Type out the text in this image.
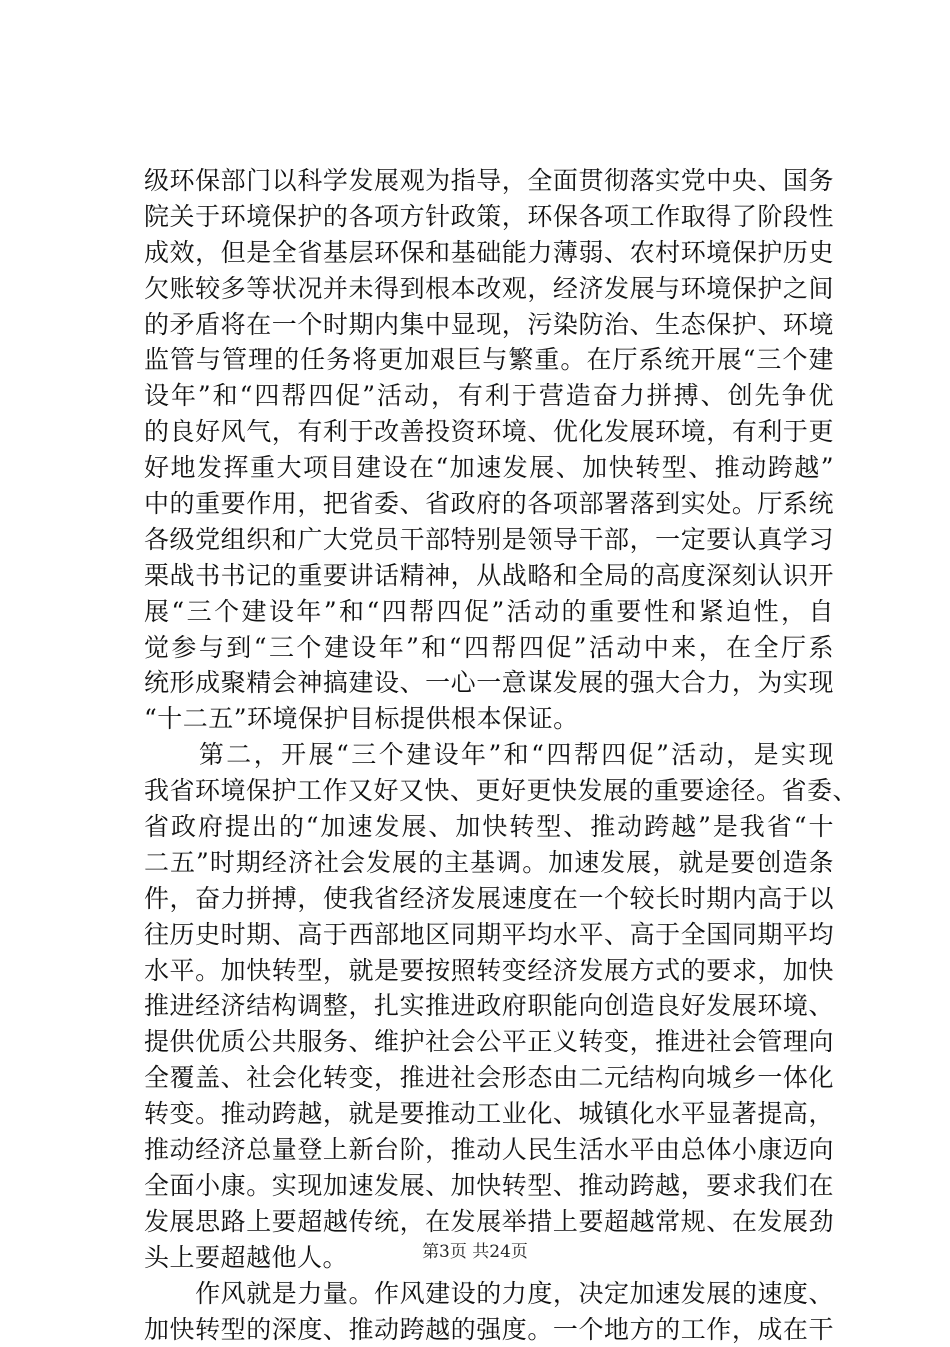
级环保部门以科学发展观为指导，全面贯彻落实党中央、国务
院关于环境保护的各项方针政策，环保各项工作取得了阶段性
成效，但是全省基层环保和基础能力薄弱、农村环境保护历史
欠账较多等状况并未得到根本改观，经济发展与环境保护之间
的矛盾将在一个时期内集中显现，污染防治、生态保护、环境
监管与管理的任务将更加艰巨与繁重。在厅系统开展“三个建
设年”和“四帮四促”活动，有利于营造奋力拼搏、创先争优
的良好风气，有利于改善投资环境、优化发展环境，有利于更
好地发挥重大项目建设在“加速发展、加快转型、推动跨越”
中的重要作用，把省委、省政府的各项部署落到实处。厅系统
各级党组织和广大党员干部特别是领导干部，一定要认真学习
栗战书书记的重要讲话精神，从战略和全局的高度深刻认识开
展“三个建设年”和“四帮四促”活动的重要性和紧迫性，自
觉参与到“三个建设年”和“四帮四促”活动中来，在全厅系
统形成聚精会神搞建设、一心一意谋发展的强大合力，为实现
“十二五”环境保护目标提供根本保证。
　　第二，开展“三个建设年”和“四帮四促”活动，是实现
我省环境保护工作又好又快、更好更快发展的重要途径。省委、
省政府提出的“加速发展、加快转型、推动跨越”是我省“十
二五”时期经济社会发展的主基调。加速发展，就是要创造条
件，奋力拼搏，使我省经济发展速度在一个较长时期内高于以
往历史时期、高于西部地区同期平均水平、高于全国同期平均
水平。加快转型，就是要按照转变经济发展方式的要求，加快
推进经济结构调整，扎实推进政府职能向创造良好发展环境、
提供优质公共服务、维护社会公平正义转变，推进社会管理向
全覆盖、社会化转变，推进社会形态由二元结构向城乡一体化
转变。推动跨越，就是要推动工业化、城镇化水平显著提高，
推动经济总量登上新台阶，推动人民生活水平由总体小康迈向
全面小康。实现加速发展、加快转型、推动跨越，要求我们在
发展思路上要超越传统，在发展举措上要超越常规、在发展劲
头上要超越他人。
　　作风就是力量。作风建设的力度，决定加速发展的速度、
加快转型的深度、推动跨越的强度。一个地方的工作，成在干
第3页 共24页
